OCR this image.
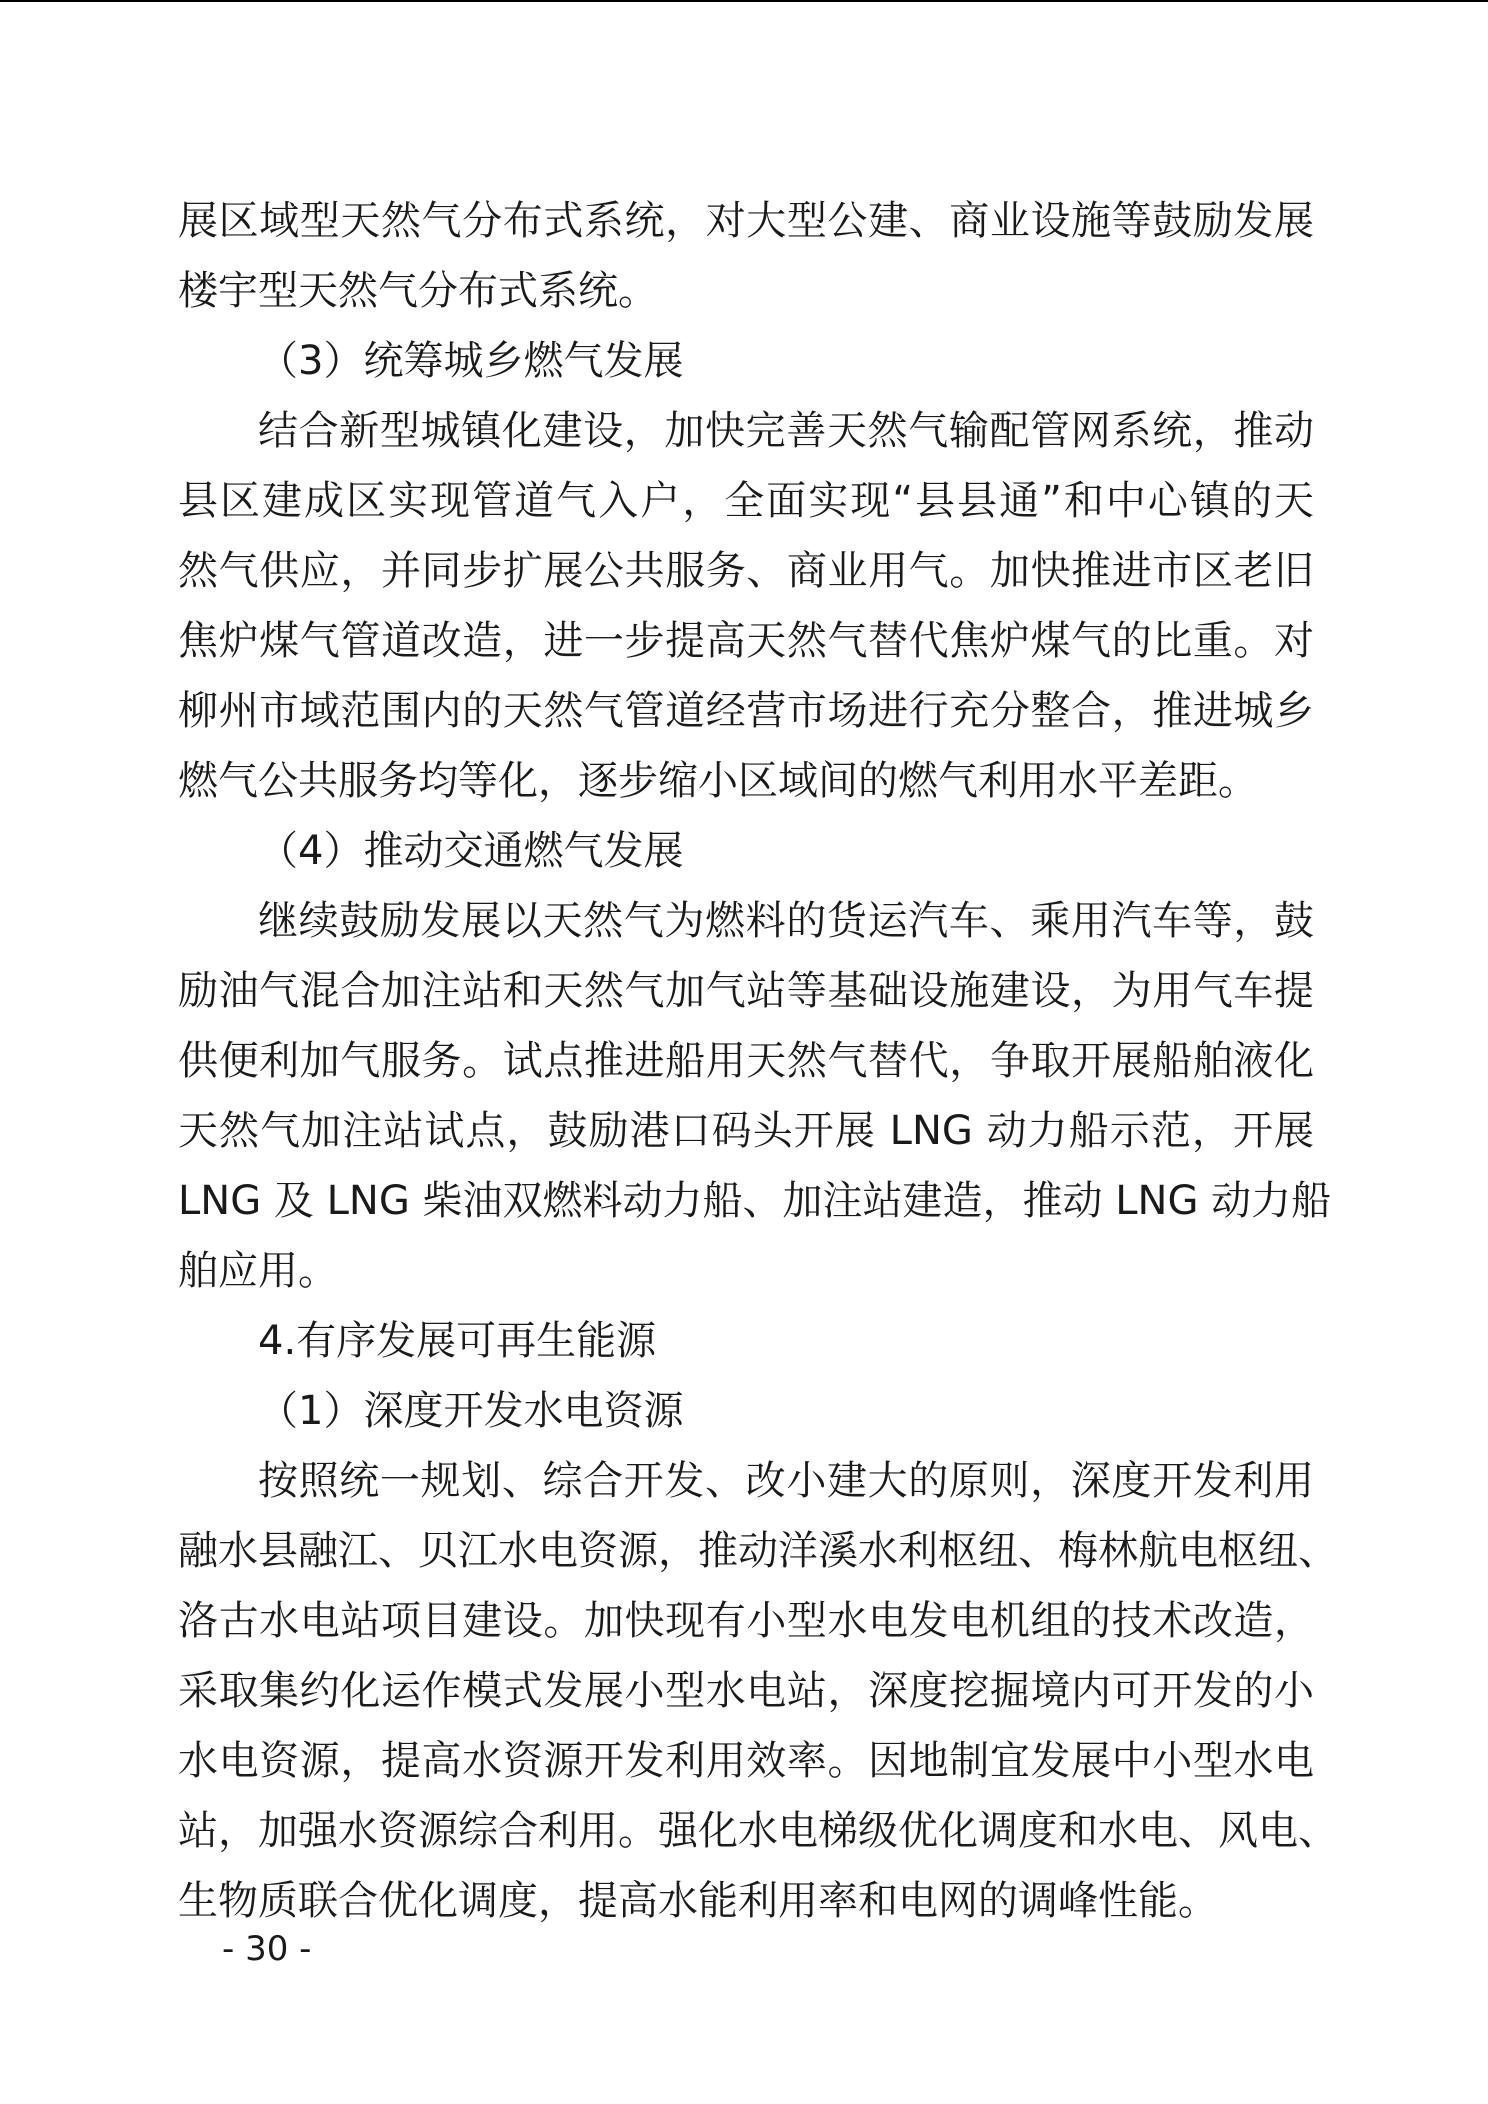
展区域型天然气分布式系统，对大型公建、商业设施等鼓励发展
楼宇型天然气分布式系统。
（3）统筹城乡燃气发展
结合新型城镇化建设，加快完善天然气输配管网系统，推动
县区建成区实现管道气入户，全面实现“县县通”和中心镇的天
然气供应，并同步扩展公共服务、商业用气。加快推进市区老旧
焦炉煤气管道改造，进一步提高天然气替代焦炉煤气的比重。对
柳州市域范围内的天然气管道经营市场进行充分整合，推进城乡
燃气公共服务均等化，逐步缩小区域间的燃气利用水平差距。
（4）推动交通燃气发展
继续鼓励发展以天然气为燃料的货运汽车、乘用汽车等，鼓
励油气混合加注站和天然气加气站等基础设施建设，为用气车提
供便利加气服务。试点推进船用天然气替代，争取开展船舶液化
天然气加注站试点，鼓励港口码头开展 LNG 动力船示范，开展
LNG 及 LNG 柴油双燃料动力船、加注站建造，推动 LNG 动力船
舶应用。
4.有序发展可再生能源
（1）深度开发水电资源
按照统一规划、综合开发、改小建大的原则，深度开发利用
融水县融江、贝江水电资源，推动洋溪水利枢纽、梅林航电枢纽、
洛古水电站项目建设。加快现有小型水电发电机组的技术改造，
采取集约化运作模式发展小型水电站，深度挖掘境内可开发的小
水电资源，提高水资源开发利用效率。因地制宜发展中小型水电
站，加强水资源综合利用。强化水电梯级优化调度和水电、风电、
生物质联合优化调度，提高水能利用率和电网的调峰性能。
- 30 -
